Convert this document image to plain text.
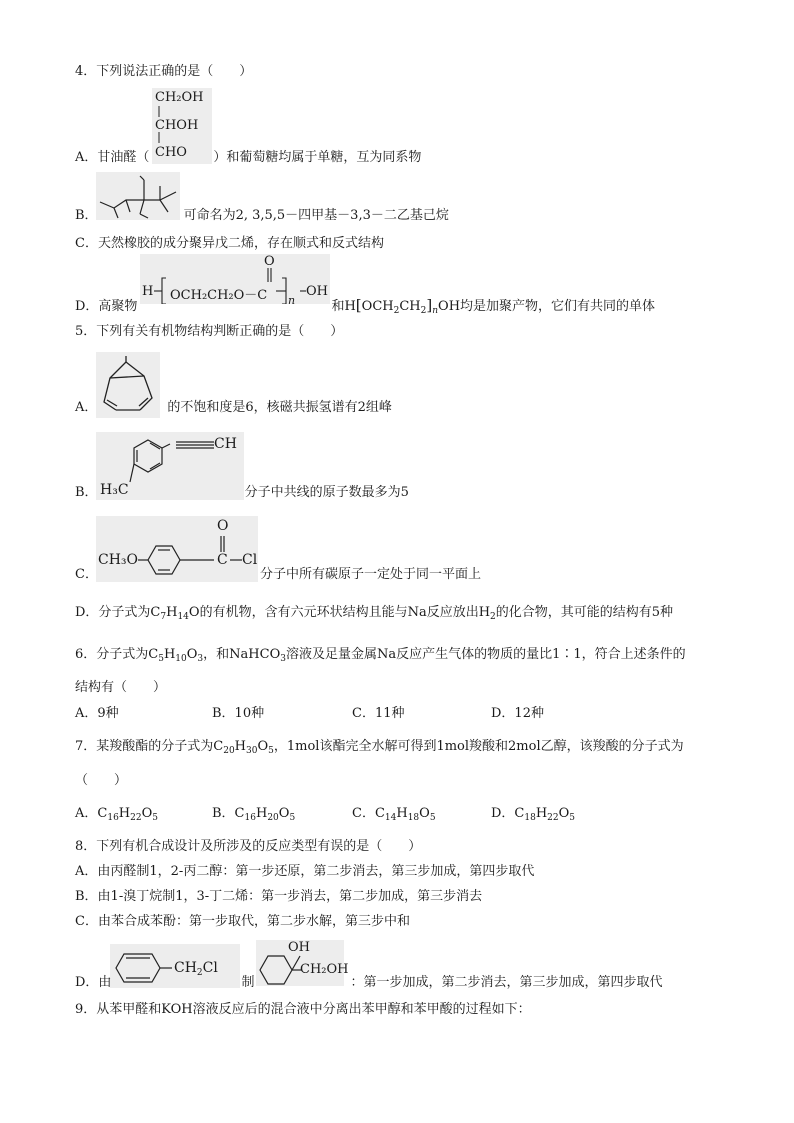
4．下列说法正确的是（　　）
CH₂OH
CHOH
CHO
A．甘油醛（	）和葡萄糖均属于单糖，互为同系物
B．	可命名为2, 3,5,5－四甲基－3,3－二乙基己烷
C．天然橡胶的成分聚异戊二烯，存在顺式和反式结构
H OCH₂CH₂O－C
O
n
OH
D．高聚物	和$H[OCH_2CH_2]_nOH$均是加聚产物，它们有共同的单体
5．下列有关有机物结构判断正确的是（　　）
A．	的不饱和度是6，核磁共振氢谱有2组峰
CH
H₃C
B．	分子中共线的原子数最多为5
CH₃O	C
O
Cl
C．	分子中所有碳原子一定处于同一平面上
D．分子式为$C_7H_{14}O$的有机物，含有六元环状结构且能与Na反应放出$H_2$的化合物，其可能的结构有5种
6．分子式为$C_5H_{10}O_3$，和NaHCO$_3$溶液及足量金属Na反应产生气体的物质的量比1∶1，符合上述条件的
结构有（　　）
A．9种	B．10种	C．11种	D．12种
7．某羧酸酯的分子式为$C_{20}H_{30}O_5$，1mol该酯完全水解可得到1mol羧酸和2mol乙醇，该羧酸的分子式为
（　　）
A．$C_{16}H_{22}O_5$	B．$C_{16}H_{20}O_5$	C．$C_{14}H_{18}O_5$	D．$C_{18}H_{22}O_5$
8．下列有机合成设计及所涉及的反应类型有误的是（　　）
A．由丙醛制1，2-丙二醇：第一步还原，第二步消去，第三步加成，第四步取代
B．由1-溴丁烷制1，3-丁二烯：第一步消去，第二步加成，第三步消去
C．由苯合成苯酚：第一步取代，第二步水解，第三步中和
$CH_2Cl$
OH
CH₂OH
D．由	制	：第一步加成，第二步消去，第三步加成，第四步取代
9．从苯甲醛和KOH溶液反应后的混合液中分离出苯甲醇和苯甲酸的过程如下：
